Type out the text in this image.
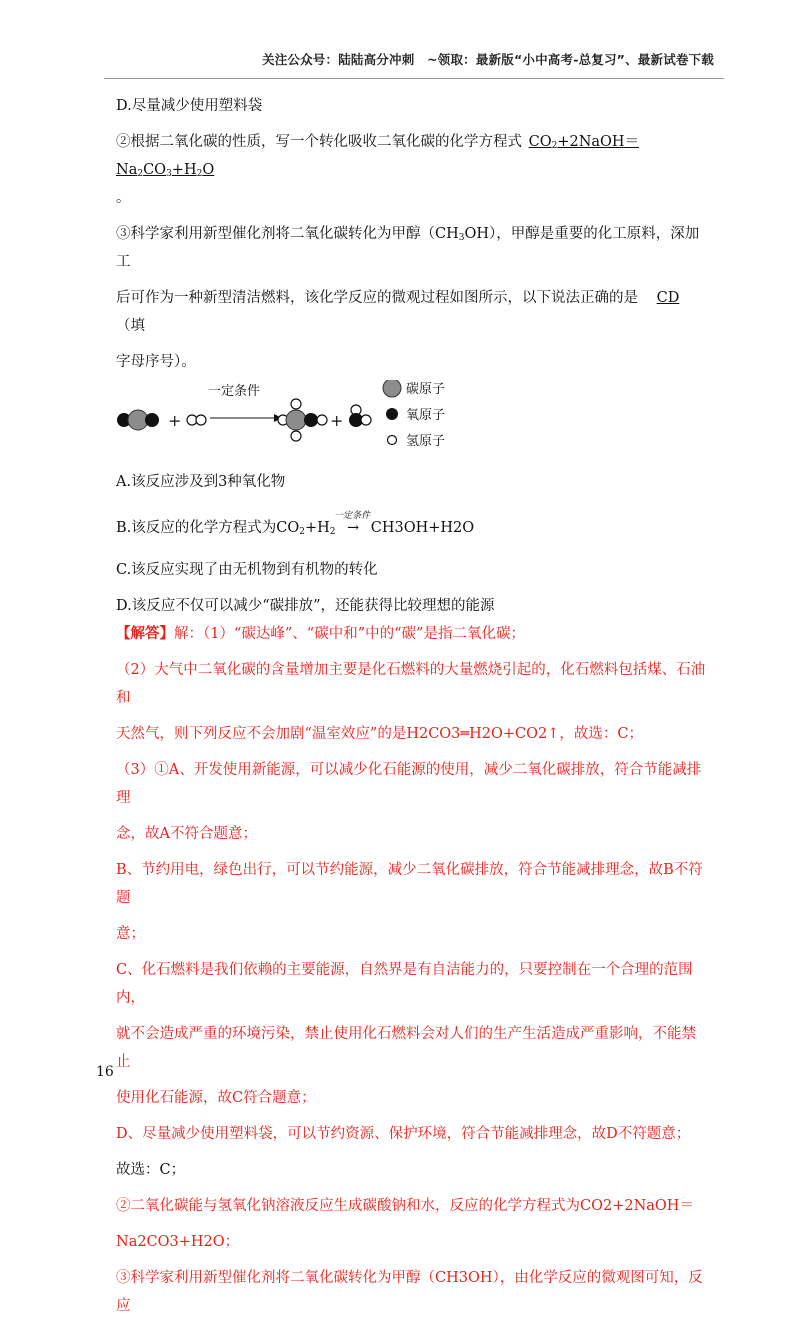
关注公众号：陆陆高分冲刺　~领取：最新版“小中高考-总复习”、最新试卷下载

D.尽量减少使用塑料袋

②根据二氧化碳的性质，写一个转化吸收二氧化碳的化学方程式 $CO_2+2NaOH=Na_2CO_3+H_2O$

。

③科学家利用新型催化剂将二氧化碳转化为甲醇$(CH_3OH)$，甲醇是重要的化工原料，深加工

后可作为一种新型清洁燃料，该化学反应的微观过程如图所示，以下说法正确的是 CD（填

字母序号）。

+	+
一定条件	碳原子
氧原子
氢原子

A.该反应涉及到3种氧化物

B.该反应的化学方程式为$CO_2+H_2$
一定条件
→ CH3OH+H2O

C.该反应实现了由无机物到有机物的转化

D.该反应不仅可以减少“碳排放”，还能获得比较理想的能源

【解答】解：（1）“碳达峰”、“碳中和”中的“碳”是指二氧化碳；

（2）大气中二氧化碳的含量增加主要是化石燃料的大量燃烧引起的，化石燃料包括煤、石油和

天然气，则下列反应不会加剧“温室效应”的是H2CO3═H2O+CO2↑，故选：C；

（3）①A、开发使用新能源，可以减少化石能源的使用，减少二氧化碳排放，符合节能减排理

念，故A不符合题意；

B、节约用电，绿色出行，可以节约能源，减少二氧化碳排放，符合节能减排理念，故B不符题

意；

C、化石燃料是我们依赖的主要能源，自然界是有自洁能力的，只要控制在一个合理的范围内，

就不会造成严重的环境污染，禁止使用化石燃料会对人们的生产生活造成严重影响，不能禁止

使用化石能源，故C符合题意；

D、尽量减少使用塑料袋，可以节约资源、保护环境，符合节能减排理念，故D不符题意；

故选：C；

②二氧化碳能与氢氧化钠溶液反应生成碳酸钠和水，反应的化学方程式为CO2+2NaOH＝

Na2CO3+H2O；

③科学家利用新型催化剂将二氧化碳转化为甲醇（CH3OH），由化学反应的微观图可知，反应

16
